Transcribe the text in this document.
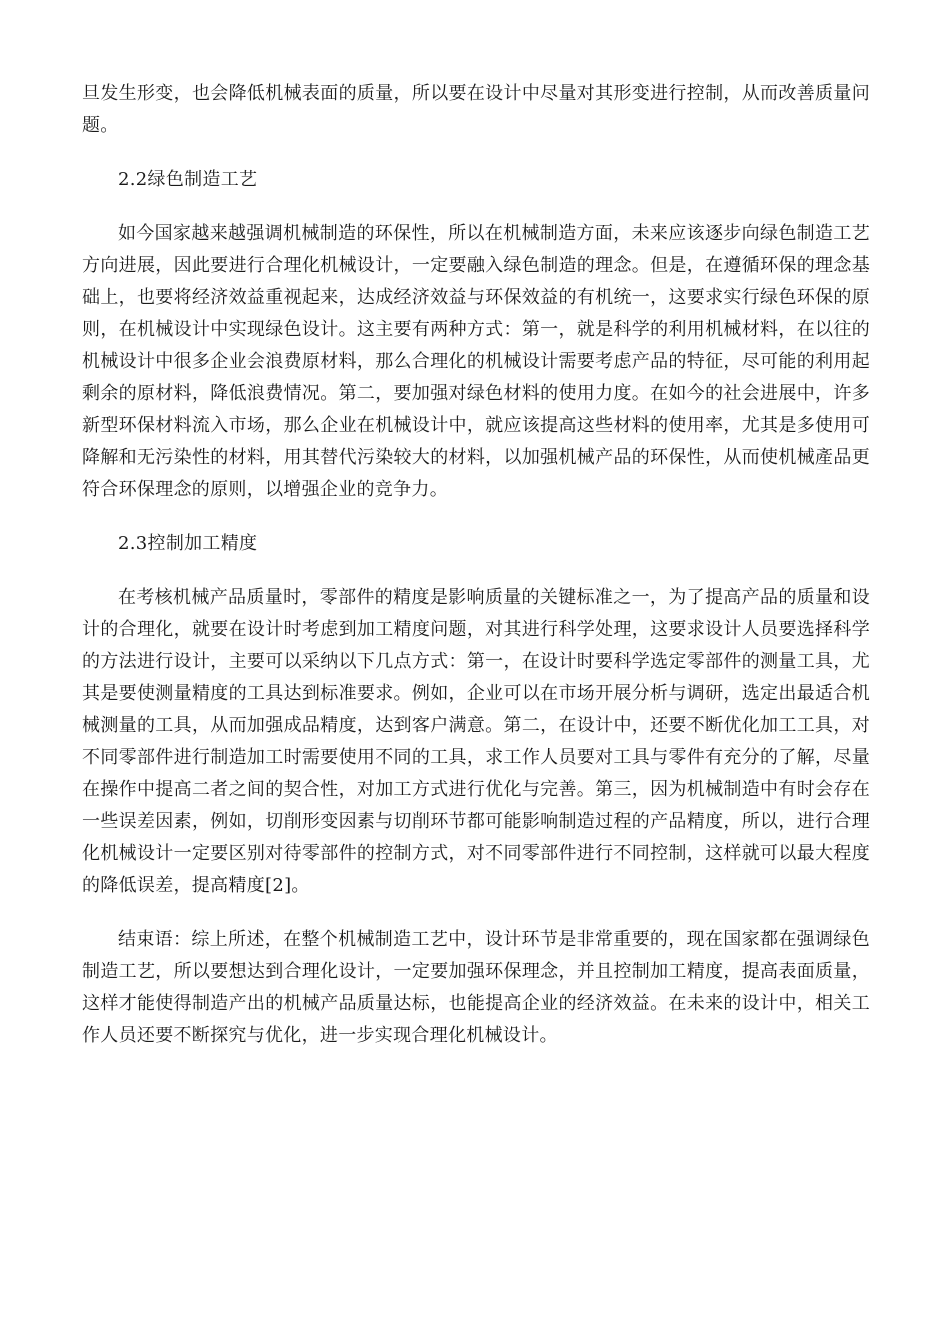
旦发生形变，也会降低机械表面的质量，所以要在设计中尽量对其形变进行控制，从而改善质量问题。

2.2绿色制造工艺

如今国家越来越强调机械制造的环保性，所以在机械制造方面，未来应该逐步向绿色制造工艺方向进展，因此要进行合理化机械设计，一定要融入绿色制造的理念。但是，在遵循环保的理念基础上，也要将经济效益重视起来，达成经济效益与环保效益的有机统一，这要求实行绿色环保的原则，在机械设计中实现绿色设计。这主要有两种方式：第一，就是科学的利用机械材料，在以往的机械设计中很多企业会浪费原材料，那么合理化的机械设计需要考虑产品的特征，尽可能的利用起剩余的原材料，降低浪费情况。第二，要加强对绿色材料的使用力度。在如今的社会进展中，许多新型环保材料流入市场，那么企业在机械设计中，就应该提高这些材料的使用率，尤其是多使用可降解和无污染性的材料，用其替代污染较大的材料，以加强机械产品的环保性，从而使机械產品更符合环保理念的原则，以增强企业的竞争力。

2.3控制加工精度

在考核机械产品质量时，零部件的精度是影响质量的关键标准之一，为了提高产品的质量和设计的合理化，就要在设计时考虑到加工精度问题，对其进行科学处理，这要求设计人员要选择科学的方法进行设计，主要可以采纳以下几点方式：第一，在设计时要科学选定零部件的测量工具，尤其是要使测量精度的工具达到标准要求。例如，企业可以在市场开展分析与调研，选定出最适合机械测量的工具，从而加强成品精度，达到客户满意。第二，在设计中，还要不断优化加工工具，对不同零部件进行制造加工时需要使用不同的工具，求工作人员要对工具与零件有充分的了解，尽量在操作中提高二者之间的契合性，对加工方式进行优化与完善。第三，因为机械制造中有时会存在一些误差因素，例如，切削形变因素与切削环节都可能影响制造过程的产品精度，所以，进行合理化机械设计一定要区别对待零部件的控制方式，对不同零部件进行不同控制，这样就可以最大程度的降低误差，提高精度[2]。

结束语：综上所述，在整个机械制造工艺中，设计环节是非常重要的，现在国家都在强调绿色制造工艺，所以要想达到合理化设计，一定要加强环保理念，并且控制加工精度，提高表面质量，这样才能使得制造产出的机械产品质量达标，也能提高企业的经济效益。在未来的设计中，相关工作人员还要不断探究与优化，进一步实现合理化机械设计。
